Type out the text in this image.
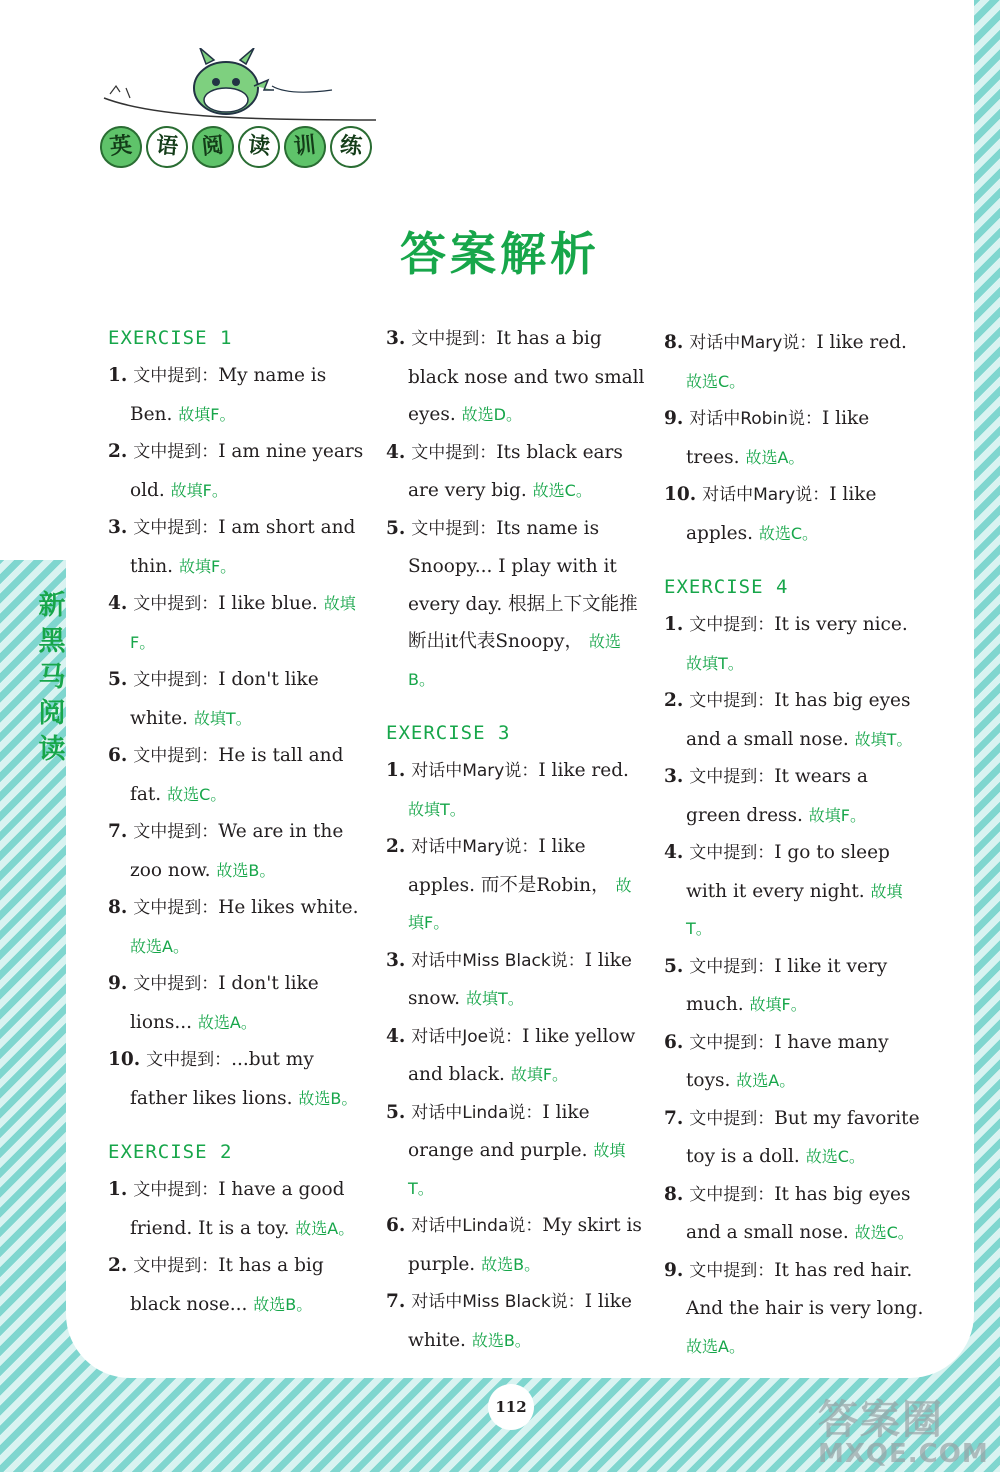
英 语 阅 读 训 练
答案解析
新
黑
马
阅
读
EXERCISE 1
1. 文中提到：My name is Ben. 故填F。
2. 文中提到：I am nine years old. 故填F。
3. 文中提到：I am short and thin. 故填F。
4. 文中提到：I like blue. 故填F。
5. 文中提到：I don't like white. 故填T。
6. 文中提到：He is tall and fat. 故选C。
7. 文中提到：We are in the zoo now. 故选B。
8. 文中提到：He likes white. 故选A。
9. 文中提到：I don't like lions... 故选A。
10. 文中提到：...but my father likes lions. 故选B。
EXERCISE 2
1. 文中提到：I have a good friend. It is a toy. 故选A。
2. 文中提到：It has a big black nose... 故选B。
3. 文中提到：It has a big black nose and two small eyes. 故选D。
4. 文中提到：Its black ears are very big. 故选C。
5. 文中提到：Its name is Snoopy... I play with it every day. 根据上下文能推断出it代表Snoopy， 故选B。
EXERCISE 3
1. 对话中Mary说：I like red. 故填T。
2. 对话中Mary说：I like apples. 而不是Robin， 故填F。
3. 对话中Miss Black说：I like snow. 故填T。
4. 对话中Joe说：I like yellow and black. 故填F。
5. 对话中Linda说：I like orange and purple. 故填T。
6. 对话中Linda说：My skirt is purple. 故选B。
7. 对话中Miss Black说：I like white. 故选B。
8. 对话中Mary说：I like red. 故选C。
9. 对话中Robin说：I like trees. 故选A。
10. 对话中Mary说：I like apples. 故选C。
EXERCISE 4
1. 文中提到：It is very nice. 故填T。
2. 文中提到：It has big eyes and a small nose. 故填T。
3. 文中提到：It wears a green dress. 故填F。
4. 文中提到：I go to sleep with it every night. 故填T。
5. 文中提到：I like it very much. 故填F。
6. 文中提到：I have many toys. 故选A。
7. 文中提到：But my favorite toy is a doll. 故选C。
8. 文中提到：It has big eyes and a small nose. 故选C。
9. 文中提到：It has red hair. And the hair is very long. 故选A。
112	答案圈
MXQE.COM
